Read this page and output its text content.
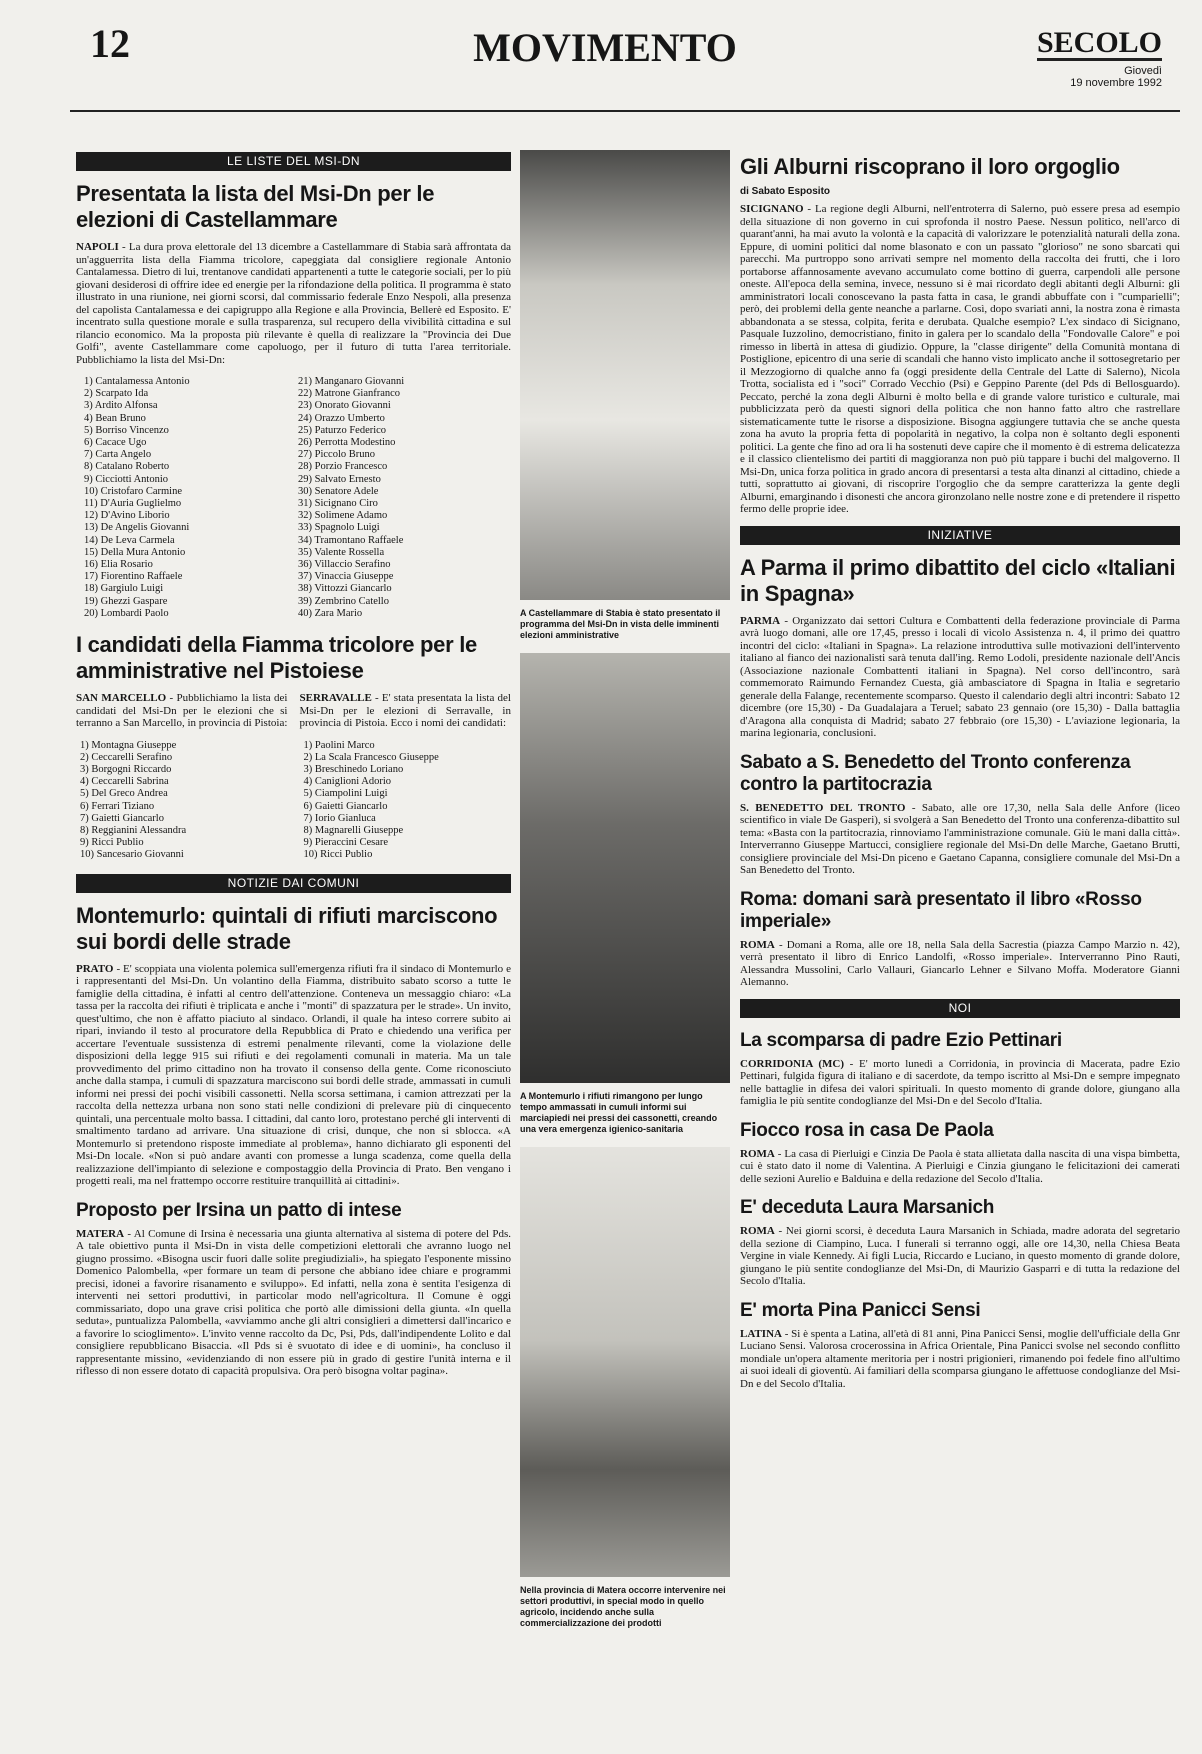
12	MOVIMENTO	SECOLO
Giovedì
19 novembre 1992
LE LISTE DEL MSI-DN
Presentata la lista del Msi-Dn per le elezioni di Castellammare

NAPOLI - La dura prova elettorale del 13 dicembre a Castellammare di Stabia sarà affrontata da un'agguerrita lista della Fiamma tricolore, capeggiata dal consigliere regionale Antonio Cantalamessa. Dietro di lui, trentanove candidati appartenenti a tutte le categorie sociali, per lo più giovani desiderosi di offrire idee ed energie per la rifondazione della politica. Il programma è stato illustrato in una riunione, nei giorni scorsi, dal commissario federale Enzo Nespoli, alla presenza del capolista Cantalamessa e dei capigruppo alla Regione e alla Provincia, Bellerè ed Esposito. E' incentrato sulla questione morale e sulla trasparenza, sul recupero della vivibilità cittadina e sul rilancio economico. Ma la proposta più rilevante è quella di realizzare la "Provincia dei Due Golfi", avente Castellammare come capoluogo, per il futuro di tutta l'area territoriale. Pubblichiamo la lista del Msi-Dn:

1) Cantalamessa Antonio
2) Scarpato Ida
3) Ardito Alfonsa
4) Bean Bruno
5) Borriso Vincenzo
6) Cacace Ugo
7) Carta Angelo
8) Catalano Roberto
9) Cicciotti Antonio
10) Cristofaro Carmine
11) D'Auria Guglielmo
12) D'Avino Liborio
13) De Angelis Giovanni
14) De Leva Carmela
15) Della Mura Antonio
16) Elia Rosario
17) Fiorentino Raffaele
18) Gargiulo Luigi
19) Ghezzi Gaspare
20) Lombardi Paolo
21) Manganaro Giovanni
22) Matrone Gianfranco
23) Onorato Giovanni
24) Orazzo Umberto
25) Paturzo Federico
26) Perrotta Modestino
27) Piccolo Bruno
28) Porzio Francesco
29) Salvato Ernesto
30) Senatore Adele
31) Sicignano Ciro
32) Solimene Adamo
33) Spagnolo Luigi
34) Tramontano Raffaele
35) Valente Rossella
36) Villaccio Serafino
37) Vinaccia Giuseppe
38) Vittozzi Giancarlo
39) Zembrino Catello
40) Zara Mario
I candidati della Fiamma tricolore per le amministrative nel Pistoiese

SAN MARCELLO - Pubblichiamo la lista dei candidati del Msi-Dn per le elezioni che si terranno a San Marcello, in provincia di Pistoia:

1) Montagna Giuseppe
2) Ceccarelli Serafino
3) Borgogni Riccardo
4) Ceccarelli Sabrina
5) Del Greco Andrea
6) Ferrari Tiziano
7) Gaietti Giancarlo
8) Reggianini Alessandra
9) Ricci Publio
10) Sancesario Giovanni

SERRAVALLE - E' stata presentata la lista del Msi-Dn per le elezioni di Serravalle, in provincia di Pistoia. Ecco i nomi dei candidati:

1) Paolini Marco
2) La Scala Francesco Giuseppe
3) Breschinedo Loriano
4) Caniglioni Adorio
5) Ciampolini Luigi
6) Gaietti Giancarlo
7) Iorio Gianluca
8) Magnarelli Giuseppe
9) Pieraccini Cesare
10) Ricci Publio
NOTIZIE DAI COMUNI
Montemurlo: quintali di rifiuti marciscono sui bordi delle strade

PRATO - E' scoppiata una violenta polemica sull'emergenza rifiuti fra il sindaco di Montemurlo e i rappresentanti del Msi-Dn. Un volantino della Fiamma, distribuito sabato scorso a tutte le famiglie della cittadina, è infatti al centro dell'attenzione. Conteneva un messaggio chiaro: «La tassa per la raccolta dei rifiuti è triplicata e anche i "monti" di spazzatura per le strade». Un invito, quest'ultimo, che non è affatto piaciuto al sindaco. Orlandi, il quale ha inteso correre subito ai ripari, inviando il testo al procuratore della Repubblica di Prato e chiedendo una verifica per accertare l'eventuale sussistenza di estremi penalmente rilevanti, come la violazione delle disposizioni della legge 915 sui rifiuti e dei regolamenti comunali in materia. Ma un tale provvedimento del primo cittadino non ha trovato il consenso della gente. Come riconosciuto anche dalla stampa, i cumuli di spazzatura marciscono sui bordi delle strade, ammassati in cumuli informi nei pressi dei pochi visibili cassonetti. Nella scorsa settimana, i camion attrezzati per la raccolta della nettezza urbana non sono stati nelle condizioni di prelevare più di cinquecento quintali, una percentuale molto bassa. I cittadini, dal canto loro, protestano perché gli interventi di smaltimento tardano ad arrivare. Una situazione di crisi, dunque, che non si sblocca. «A Montemurlo si pretendono risposte immediate al problema», hanno dichiarato gli esponenti del Msi-Dn locale. «Non si può andare avanti con promesse a lunga scadenza, come quella della realizzazione dell'impianto di selezione e compostaggio della Provincia di Prato. Ben vengano i progetti reali, ma nel frattempo occorre restituire tranquillità ai cittadini».

Proposto per Irsina un patto di intese

MATERA - Al Comune di Irsina è necessaria una giunta alternativa al sistema di potere del Pds. A tale obiettivo punta il Msi-Dn in vista delle competizioni elettorali che avranno luogo nel giugno prossimo. «Bisogna uscir fuori dalle solite pregiudiziali», ha spiegato l'esponente missino Domenico Palombella, «per formare un team di persone che abbiano idee chiare e programmi precisi, idonei a favorire risanamento e sviluppo». Ed infatti, nella zona è sentita l'esigenza di interventi nei settori produttivi, in particolar modo nell'agricoltura. Il Comune è oggi commissariato, dopo una grave crisi politica che portò alle dimissioni della giunta. «In quella seduta», puntualizza Palombella, «avviammo anche gli altri consiglieri a dimettersi dall'incarico e a favorire lo scioglimento». L'invito venne raccolto da Dc, Psi, Pds, dall'indipendente Lolito e dal consigliere repubblicano Bisaccia. «Il Pds si è svuotato di idee e di uomini», ha concluso il rappresentante missino, «evidenziando di non essere più in grado di gestire l'unità interna e il riflesso di non essere dotato di capacità propulsiva. Ora però bisogna voltar pagina».

A Castellammare di Stabia è stato presentato il programma del Msi-Dn in vista delle imminenti elezioni amministrative
A Montemurlo i rifiuti rimangono per lungo tempo ammassati in cumuli informi sui marciapiedi nei pressi dei cassonetti, creando una vera emergenza igienico-sanitaria
Nella provincia di Matera occorre intervenire nei settori produttivi, in special modo in quello agricolo, incidendo anche sulla commercializzazione dei prodotti
Gli Alburni riscoprano il loro orgoglio
di Sabato Esposito

SICIGNANO - La regione degli Alburni, nell'entroterra di Salerno, può essere presa ad esempio della situazione di non governo in cui sprofonda il nostro Paese. Nessun politico, nell'arco di quarant'anni, ha mai avuto la volontà e la capacità di valorizzare le potenzialità naturali della zona. Eppure, di uomini politici dal nome blasonato e con un passato "glorioso" ne sono sbarcati qui parecchi. Ma purtroppo sono arrivati sempre nel momento della raccolta dei frutti, che i loro portaborse affannosamente avevano accumulato come bottino di guerra, carpendoli alle persone oneste. All'epoca della semina, invece, nessuno si è mai ricordato degli abitanti degli Alburni: gli amministratori locali conoscevano la pasta fatta in casa, le grandi abbuffate con i "cumparielli"; però, dei problemi della gente neanche a parlarne. Così, dopo svariati anni, la nostra zona è rimasta abbandonata a se stessa, colpita, ferita e derubata. Qualche esempio? L'ex sindaco di Sicignano, Pasquale Iuzzolino, democristiano, finito in galera per lo scandalo della "Fondovalle Calore" e poi rimesso in libertà in attesa di giudizio. Oppure, la "classe dirigente" della Comunità montana di Postiglione, epicentro di una serie di scandali che hanno visto implicato anche il sottosegretario per il Mezzogiorno di qualche anno fa (oggi presidente della Centrale del Latte di Salerno), Nicola Trotta, socialista ed i "soci" Corrado Vecchio (Psi) e Geppino Parente (del Pds di Bellosguardo). Peccato, perché la zona degli Alburni è molto bella e di grande valore turistico e culturale, mai pubblicizzata però da questi signori della politica che non hanno fatto altro che rastrellare sistematicamente tutte le risorse a disposizione. Bisogna aggiungere tuttavia che se anche questa zona ha avuto la propria fetta di popolarità in negativo, la colpa non è soltanto degli esponenti politici. La gente che fino ad ora li ha sostenuti deve capire che il momento è di estrema delicatezza e il classico clientelismo dei partiti di maggioranza non può più tappare i buchi del malgoverno. Il Msi-Dn, unica forza politica in grado ancora di presentarsi a testa alta dinanzi al cittadino, chiede a tutti, soprattutto ai giovani, di riscoprire l'orgoglio che da sempre caratterizza la gente degli Alburni, emarginando i disonesti che ancora gironzolano nelle nostre zone e di pretendere il rispetto fermo delle proprie idee.

INIZIATIVE
A Parma il primo dibattito del ciclo «Italiani in Spagna»

PARMA - Organizzato dai settori Cultura e Combattenti della federazione provinciale di Parma avrà luogo domani, alle ore 17,45, presso i locali di vicolo Assistenza n. 4, il primo dei quattro incontri del ciclo: «Italiani in Spagna». La relazione introduttiva sulle motivazioni dell'intervento italiano al fianco dei nazionalisti sarà tenuta dall'ing. Remo Lodoli, presidente nazionale dell'Ancis (Associazione nazionale Combattenti italiani in Spagna). Nel corso dell'incontro, sarà commemorato Raimundo Fernandez Cuesta, già ambasciatore di Spagna in Italia e segretario generale della Falange, recentemente scomparso. Questo il calendario degli altri incontri: Sabato 12 dicembre (ore 15,30) - Da Guadalajara a Teruel; sabato 23 gennaio (ore 15,30) - Dalla battaglia d'Aragona alla conquista di Madrid; sabato 27 febbraio (ore 15,30) - L'aviazione legionaria, la marina legionaria, conclusioni.

Sabato a S. Benedetto del Tronto conferenza contro la partitocrazia

S. BENEDETTO DEL TRONTO - Sabato, alle ore 17,30, nella Sala delle Anfore (liceo scientifico in viale De Gasperi), si svolgerà a San Benedetto del Tronto una conferenza-dibattito sul tema: «Basta con la partitocrazia, rinnoviamo l'amministrazione comunale. Giù le mani dalla città». Interverranno Giuseppe Martucci, consigliere regionale del Msi-Dn delle Marche, Gaetano Brutti, consigliere provinciale del Msi-Dn piceno e Gaetano Capanna, consigliere comunale del Msi-Dn a San Benedetto del Tronto.

Roma: domani sarà presentato il libro «Rosso imperiale»

ROMA - Domani a Roma, alle ore 18, nella Sala della Sacrestia (piazza Campo Marzio n. 42), verrà presentato il libro di Enrico Landolfi, «Rosso imperiale». Interverranno Pino Rauti, Alessandra Mussolini, Carlo Vallauri, Giancarlo Lehner e Silvano Moffa. Moderatore Gianni Alemanno.

NOI
La scomparsa di padre Ezio Pettinari

CORRIDONIA (MC) - E' morto lunedì a Corridonia, in provincia di Macerata, padre Ezio Pettinari, fulgida figura di italiano e di sacerdote, da tempo iscritto al Msi-Dn e sempre impegnato nelle battaglie in difesa dei valori spirituali. In questo momento di grande dolore, giungano alla famiglia le più sentite condoglianze del Msi-Dn e del Secolo d'Italia.

Fiocco rosa in casa De Paola

ROMA - La casa di Pierluigi e Cinzia De Paola è stata allietata dalla nascita di una vispa bimbetta, cui è stato dato il nome di Valentina. A Pierluigi e Cinzia giungano le felicitazioni dei camerati delle sezioni Aurelio e Balduina e della redazione del Secolo d'Italia.

E' deceduta Laura Marsanich

ROMA - Nei giorni scorsi, è deceduta Laura Marsanich in Schiada, madre adorata del segretario della sezione di Ciampino, Luca. I funerali si terranno oggi, alle ore 14,30, nella Chiesa Beata Vergine in viale Kennedy. Ai figli Lucia, Riccardo e Luciano, in questo momento di grande dolore, giungano le più sentite condoglianze del Msi-Dn, di Maurizio Gasparri e di tutta la redazione del Secolo d'Italia.

E' morta Pina Panicci Sensi

LATINA - Si è spenta a Latina, all'età di 81 anni, Pina Panicci Sensi, moglie dell'ufficiale della Gnr Luciano Sensi. Valorosa crocerossina in Africa Orientale, Pina Panicci svolse nel secondo conflitto mondiale un'opera altamente meritoria per i nostri prigionieri, rimanendo poi fedele fino all'ultimo ai suoi ideali di gioventù. Ai familiari della scomparsa giungano le affettuose condoglianze del Msi-Dn e del Secolo d'Italia.
